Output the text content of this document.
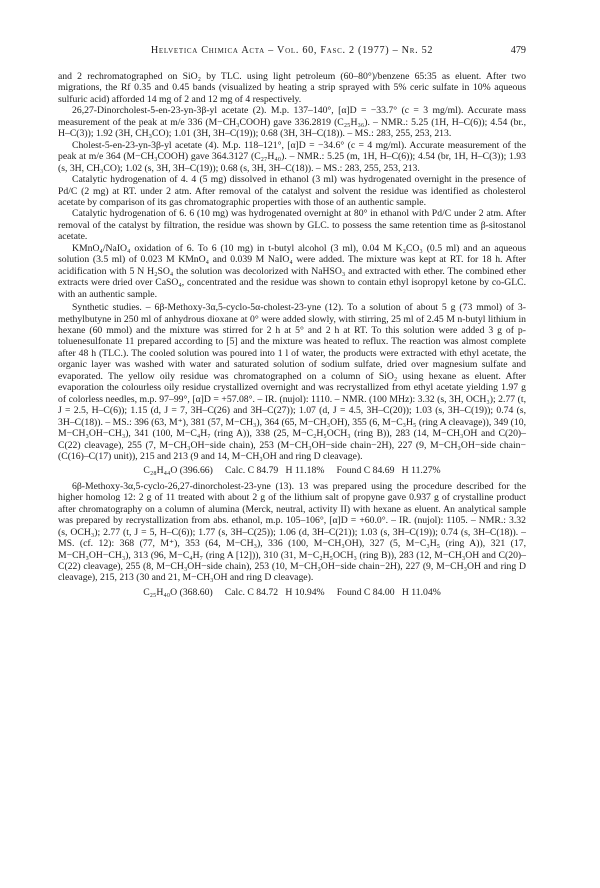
Helvetica Chimica Acta – Vol. 60, Fasc. 2 (1977) – Nr. 52	479

and 2 rechromatographed on SiO₂ by TLC. using light petroleum (60–80°)/benzene 65:35 as eluent. After two migrations, the Rf 0.35 and 0.45 bands (visualized by heating a strip sprayed with 5% ceric sulfate in 10% aqueous sulfuric acid) afforded 14 mg of 2 and 12 mg of 4 respectively.

26,27-Dinorcholest-5-en-23-yn-3β-yl acetate (2). M.p. 137–140°, [α]D = −33.7° (c = 3 mg/ml). Accurate mass measurement of the peak at m/e 336 (M−CH₃COOH) gave 336.2819 (C₂₅H₃₆). – NMR.: 5.25 (1H, H–C(6)); 4.54 (br., H–C(3)); 1.92 (3H, CH₃CO); 1.01 (3H, 3H–C(19)); 0.68 (3H, 3H–C(18)). – MS.: 283, 255, 253, 213.

Cholest-5-en-23-yn-3β-yl acetate (4). M.p. 118–121°, [α]D = −34.6° (c = 4 mg/ml). Accurate measurement of the peak at m/e 364 (M−CH₃COOH) gave 364.3127 (C₂₇H₄₀). – NMR.: 5.25 (m, 1H, H–C(6)); 4.54 (br, 1H, H–C(3)); 1.93 (s, 3H, CH₃CO); 1.02 (s, 3H, 3H–C(19)); 0.68 (s, 3H, 3H–C(18)). – MS.: 283, 255, 253, 213.

Catalytic hydrogenation of 4. 4 (5 mg) dissolved in ethanol (3 ml) was hydrogenated overnight in the presence of Pd/C (2 mg) at RT. under 2 atm. After removal of the catalyst and solvent the residue was identified as cholesterol acetate by comparison of its gas chromatographic properties with those of an authentic sample.

Catalytic hydrogenation of 6. 6 (10 mg) was hydrogenated overnight at 80° in ethanol with Pd/C under 2 atm. After removal of the catalyst by filtration, the residue was shown by GLC. to possess the same retention time as β-sitostanol acetate.

KMnO₄/NaIO₄ oxidation of 6. To 6 (10 mg) in t-butyl alcohol (3 ml), 0.04 M K₂CO₃ (0.5 ml) and an aqueous solution (3.5 ml) of 0.023 M KMnO₄ and 0.039 M NaIO₄ were added. The mixture was kept at RT. for 18 h. After acidification with 5 N H₂SO₄ the solution was decolorized with NaHSO₃ and extracted with ether. The combined ether extracts were dried over CaSO₄, concentrated and the residue was shown to contain ethyl isopropyl ketone by co-GLC. with an authentic sample.

Synthetic studies. – 6β-Methoxy-3α,5-cyclo-5α-cholest-23-yne (12). To a solution of about 5 g (73 mmol) of 3-methylbutyne in 250 ml of anhydrous dioxane at 0° were added slowly, with stirring, 25 ml of 2.45 M n-butyl lithium in hexane (60 mmol) and the mixture was stirred for 2 h at 5° and 2 h at RT. To this solution were added 3 g of p-toluenesulfonate 11 prepared according to [5] and the mixture was heated to reflux. The reaction was almost complete after 48 h (TLC.). The cooled solution was poured into 1 l of water, the products were extracted with ethyl acetate, the organic layer was washed with water and saturated solution of sodium sulfate, dried over magnesium sulfate and evaporated. The yellow oily residue was chromatographed on a column of SiO₂ using hexane as eluent. After evaporation the colourless oily residue crystallized overnight and was recrystallized from ethyl acetate yielding 1.97 g of colorless needles, m.p. 97–99°, [α]D = +57.08°. – IR. (nujol): 1110. – NMR. (100 MHz): 3.32 (s, 3H, OCH₃); 2.77 (t, J = 2.5, H–C(6)); 1.15 (d, J = 7, 3H–C(26) and 3H–C(27)); 1.07 (d, J = 4.5, 3H–C(20)); 1.03 (s, 3H–C(19)); 0.74 (s, 3H–C(18)). – MS.: 396 (63, M⁺), 381 (57, M−CH₃), 364 (65, M−CH₃OH), 355 (6, M−C₃H₅ (ring A cleavage)), 349 (10, M−CH₃OH−CH₃), 341 (100, M−C₄H₇ (ring A)), 338 (25, M−C₂H₅OCH₃ (ring B)), 283 (14, M−CH₃OH and C(20)–C(22) cleavage), 255 (7, M−CH₃OH−side chain), 253 (M−CH₃OH−side chain−2H), 227 (9, M−CH₃OH−side chain−(C(16)–C(17) unit)), 215 and 213 (9 and 14, M−CH₃OH and ring D cleavage).

C₂₈H₄₄O (396.66)     Calc. C 84.79   H 11.18%     Found C 84.69   H 11.27%

6β-Methoxy-3α,5-cyclo-26,27-dinorcholest-23-yne (13). 13 was prepared using the procedure described for the higher homolog 12: 2 g of 11 treated with about 2 g of the lithium salt of propyne gave 0.937 g of crystalline product after chromatography on a column of alumina (Merck, neutral, activity II) with hexane as eluent. An analytical sample was prepared by recrystallization from abs. ethanol, m.p. 105–106°, [α]D = +60.0°. – IR. (nujol): 1105. – NMR.: 3.32 (s, OCH₃); 2.77 (t, J = 5, H–C(6)); 1.77 (s, 3H–C(25)); 1.06 (d, 3H–C(21)); 1.03 (s, 3H–C(19)); 0.74 (s, 3H–C(18)). – MS. (cf. 12): 368 (77, M⁺), 353 (64, M−CH₃), 336 (100, M−CH₃OH), 327 (5, M−C₃H₅ (ring A)), 321 (17, M−CH₃OH−CH₃), 313 (96, M−C₄H₇ (ring A [12])), 310 (31, M−C₂H₅OCH₃ (ring B)), 283 (12, M−CH₃OH and C(20)–C(22) cleavage), 255 (8, M−CH₃OH−side chain), 253 (10, M−CH₃OH−side chain−2H), 227 (9, M−CH₃OH and ring D cleavage), 215, 213 (30 and 21, M−CH₃OH and ring D cleavage).

C₂₅H₄₀O (368.60)     Calc. C 84.72   H 10.94%     Found C 84.00   H 11.04%
